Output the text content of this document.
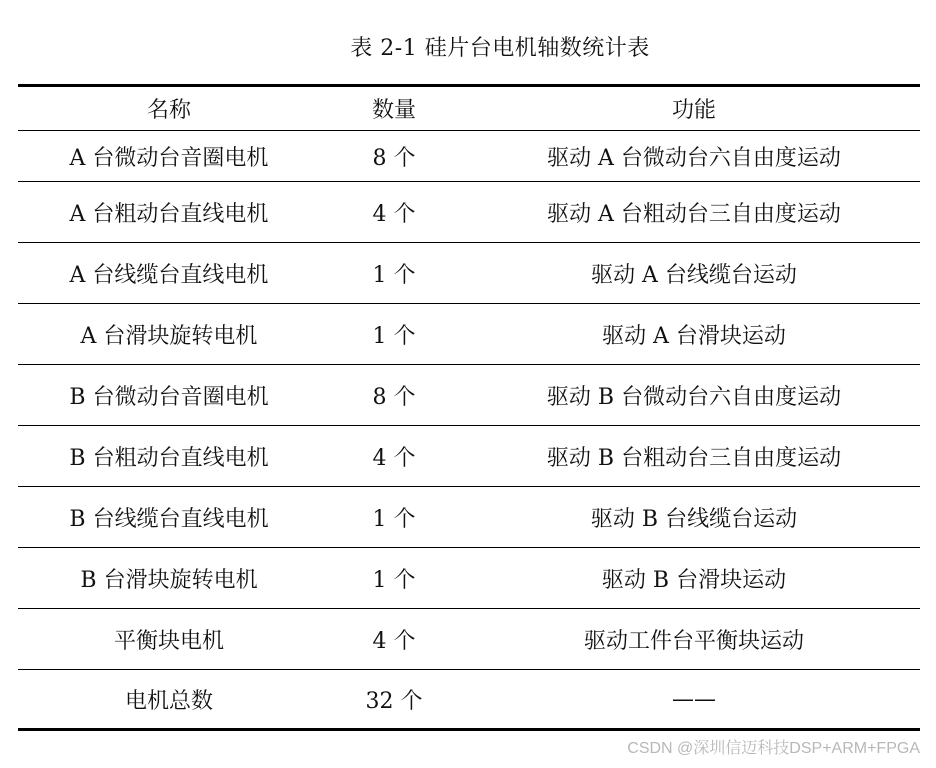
表 2-1 硅片台电机轴数统计表
名称	数量	功能
A 台微动台音圈电机	8 个	驱动 A 台微动台六自由度运动
A 台粗动台直线电机	4 个	驱动 A 台粗动台三自由度运动
A 台线缆台直线电机	1 个	驱动 A 台线缆台运动
A 台滑块旋转电机	1 个	驱动 A 台滑块运动
B 台微动台音圈电机	8 个	驱动 B 台微动台六自由度运动
B 台粗动台直线电机	4 个	驱动 B 台粗动台三自由度运动
B 台线缆台直线电机	1 个	驱动 B 台线缆台运动
B 台滑块旋转电机	1 个	驱动 B 台滑块运动
平衡块电机	4 个	驱动工件台平衡块运动
电机总数	32 个	——
CSDN @深圳信迈科技DSP+ARM+FPGA
